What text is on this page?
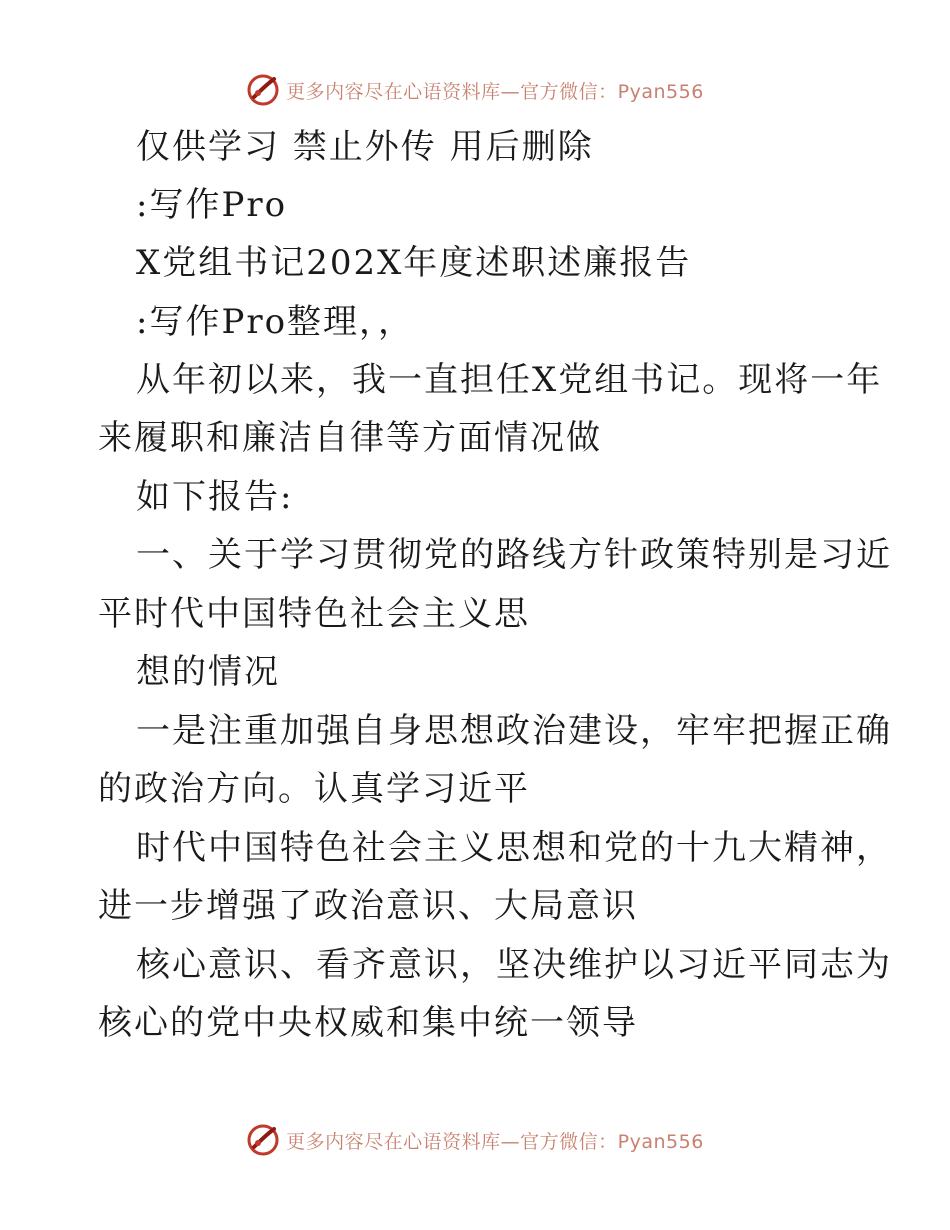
更多内容尽在心语资料库—官方微信：Pyan556
仅供学习 禁止外传 用后删除
:写作Pro
X党组书记202X年度述职述廉报告
:写作Pro整理，，
从年初以来，我一直担任X党组书记。现将一年
来履职和廉洁自律等方面情况做
如下报告:
一、关于学习贯彻党的路线方针政策特别是习近
平时代中国特色社会主义思
想的情况
一是注重加强自身思想政治建设，牢牢把握正确
的政治方向。认真学习近平
时代中国特色社会主义思想和党的十九大精神，
进一步增强了政治意识、大局意识
核心意识、看齐意识，坚决维护以习近平同志为
核心的党中央权威和集中统一领导
更多内容尽在心语资料库—官方微信：Pyan556
